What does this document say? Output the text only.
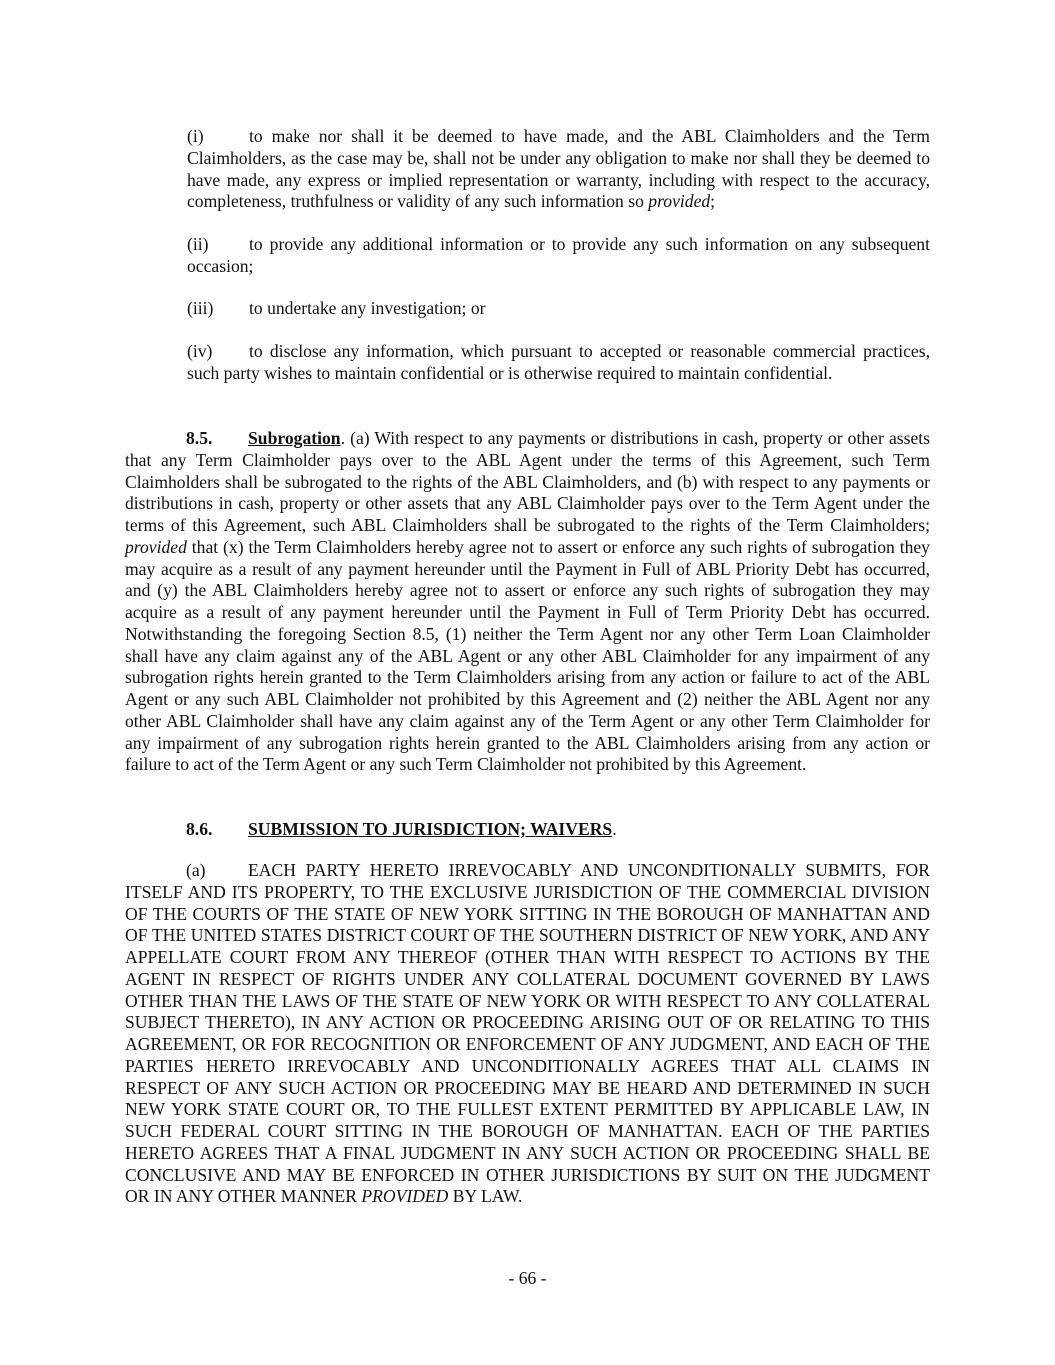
(i)	to make nor shall it be deemed to have made, and the ABL Claimholders and the Term Claimholders, as the case may be, shall not be under any obligation to make nor shall they be deemed to have made, any express or implied representation or warranty, including with respect to the accuracy, completeness, truthfulness or validity of any such information so provided;

(ii) to provide any additional information or to provide any such information on any subsequent occasion;

(iii) to undertake any investigation; or

(iv) to disclose any information, which pursuant to accepted or reasonable commercial practices, such party wishes to maintain confidential or is otherwise required to maintain confidential.

8.5. Subrogation. (a) With respect to any payments or distributions in cash, property or other assets that any Term Claimholder pays over to the ABL Agent under the terms of this Agreement, such Term Claimholders shall be subrogated to the rights of the ABL Claimholders, and (b) with respect to any payments or distributions in cash, property or other assets that any ABL Claimholder pays over to the Term Agent under the terms of this Agreement, such ABL Claimholders shall be subrogated to the rights of the Term Claimholders; provided that (x) the Term Claimholders hereby agree not to assert or enforce any such rights of subrogation they may acquire as a result of any payment hereunder until the Payment in Full of ABL Priority Debt has occurred, and (y) the ABL Claimholders hereby agree not to assert or enforce any such rights of subrogation they may acquire as a result of any payment hereunder until the Payment in Full of Term Priority Debt has occurred. Notwithstanding the foregoing Section 8.5, (1) neither the Term Agent nor any other Term Loan Claimholder shall have any claim against any of the ABL Agent or any other ABL Claimholder for any impairment of any subrogation rights herein granted to the Term Claimholders arising from any action or failure to act of the ABL Agent or any such ABL Claimholder not prohibited by this Agreement and (2) neither the ABL Agent nor any other ABL Claimholder shall have any claim against any of the Term Agent or any other Term Claimholder for any impairment of any subrogation rights herein granted to the ABL Claimholders arising from any action or failure to act of the Term Agent or any such Term Claimholder not prohibited by this Agreement.

8.6. SUBMISSION TO JURISDICTION; WAIVERS.

(a) EACH PARTY HERETO IRREVOCABLY AND UNCONDITIONALLY SUBMITS, FOR ITSELF AND ITS PROPERTY, TO THE EXCLUSIVE JURISDICTION OF THE COMMERCIAL DIVISION OF THE COURTS OF THE STATE OF NEW YORK SITTING IN THE BOROUGH OF MANHATTAN AND OF THE UNITED STATES DISTRICT COURT OF THE SOUTHERN DISTRICT OF NEW YORK, AND ANY APPELLATE COURT FROM ANY THEREOF (OTHER THAN WITH RESPECT TO ACTIONS BY THE AGENT IN RESPECT OF RIGHTS UNDER ANY COLLATERAL DOCUMENT GOVERNED BY LAWS OTHER THAN THE LAWS OF THE STATE OF NEW YORK OR WITH RESPECT TO ANY COLLATERAL SUBJECT THERETO), IN ANY ACTION OR PROCEEDING ARISING OUT OF OR RELATING TO THIS AGREEMENT, OR FOR RECOGNITION OR ENFORCEMENT OF ANY JUDGMENT, AND EACH OF THE PARTIES HERETO IRREVOCABLY AND UNCONDITIONALLY AGREES THAT ALL CLAIMS IN RESPECT OF ANY SUCH ACTION OR PROCEEDING MAY BE HEARD AND DETERMINED IN SUCH NEW YORK STATE COURT OR, TO THE FULLEST EXTENT PERMITTED BY APPLICABLE LAW, IN SUCH FEDERAL COURT SITTING IN THE BOROUGH OF MANHATTAN. EACH OF THE PARTIES HERETO AGREES THAT A FINAL JUDGMENT IN ANY SUCH ACTION OR PROCEEDING SHALL BE CONCLUSIVE AND MAY BE ENFORCED IN OTHER JURISDICTIONS BY SUIT ON THE JUDGMENT OR IN ANY OTHER MANNER PROVIDED BY LAW.

- 66 -
